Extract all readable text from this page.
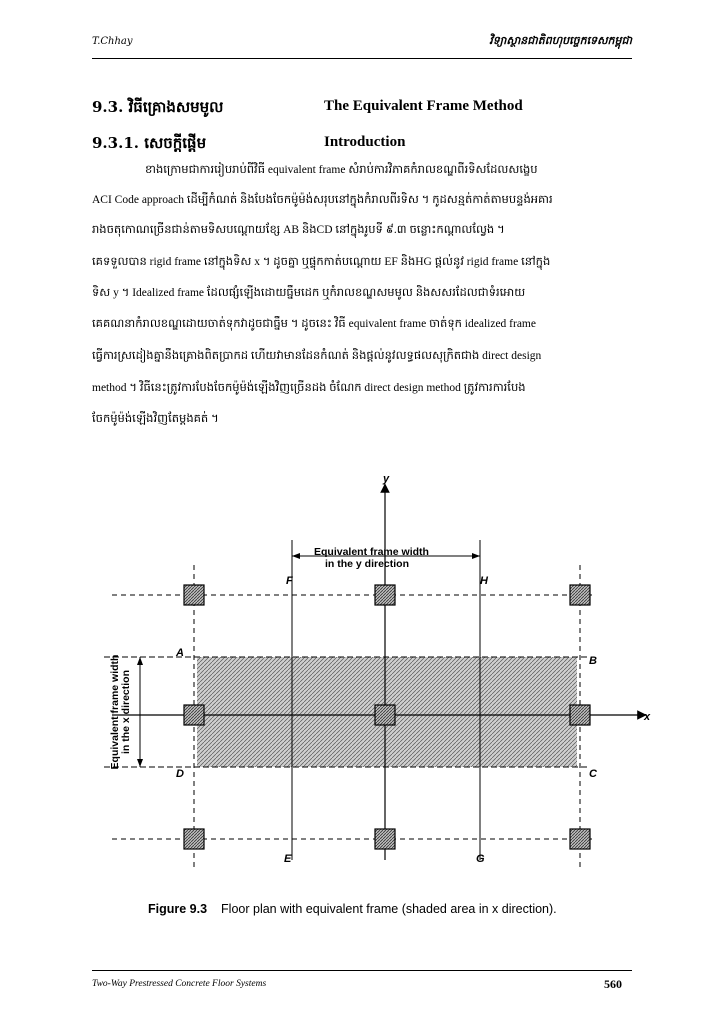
T.Chhay	វិទ្យាស្ថានជាតិពហុបច្ចេកទេសកម្ពុជា
9.3. វិធីគ្រោងសមមូល	The Equivalent Frame Method
9.3.1. សេចក្តីផ្តើម	Introduction
ខាងក្រោមជាការរៀបរាប់ពីវិធី equivalent frame សំរាប់ការវិភាគកំរាលខណ្ឌពីរទិសដែលសង្ខេប
ACI Code approach ដើម្បីកំណត់ និងបែងចែកម៉ូម៉ង់សរុបនៅក្នុងកំរាលពីរទិស ។ កូដសន្មត់កាត់តាមបន្ទង់អគារ
រាងចតុកោណច្រើនជាន់តាមទិសបណ្តោយខ្សែ AB និងCD នៅក្នុងរូបទី ៩.៣ ចន្លោះកណ្តាលល្វែង ។
គេទទួលបាន rigid frame នៅក្នុងទិស x ។ ដូចគ្នា ឬផ្ទុកកាត់បណ្តោយ EF និងHG ផ្តល់នូវ rigid frame នៅក្នុង
ទិស y ។ Idealized frame ដែលផ្សំឡើងដោយធ្នឹមដេក ឬកំរាលខណ្ឌសមមូល និងសសរដែលជាទំរអោយ
គេគណនាកំរាលខណ្ឌដោយចាត់ទុកវាដូចជាធ្នឹម ។ ដូចនេះ វិធី equivalent frame ចាត់ទុក idealized frame
ធ្វើការស្រដៀងគ្នានឹងគ្រោងពិតប្រាកដ ហើយវាមានដែនកំណត់ និងផ្តល់នូវលទ្ធផលសុក្រិតជាង direct design
method ។ វិធីនេះត្រូវការបែងចែកម៉ូម៉ង់ឡើងវិញច្រើនដង ចំណែក direct design method ត្រូវការការបែង
ចែកម៉ូម៉ង់ឡើងវិញតែម្តងគត់ ។
y
x
Equivalent frame width
in the y direction
Equivalent frame width in the x direction
A
B
C
D
E
F
G
H
Figure 9.3 Floor plan with equivalent frame (shaded area in x direction).
Two-Way Prestressed Concrete Floor Systems	560
